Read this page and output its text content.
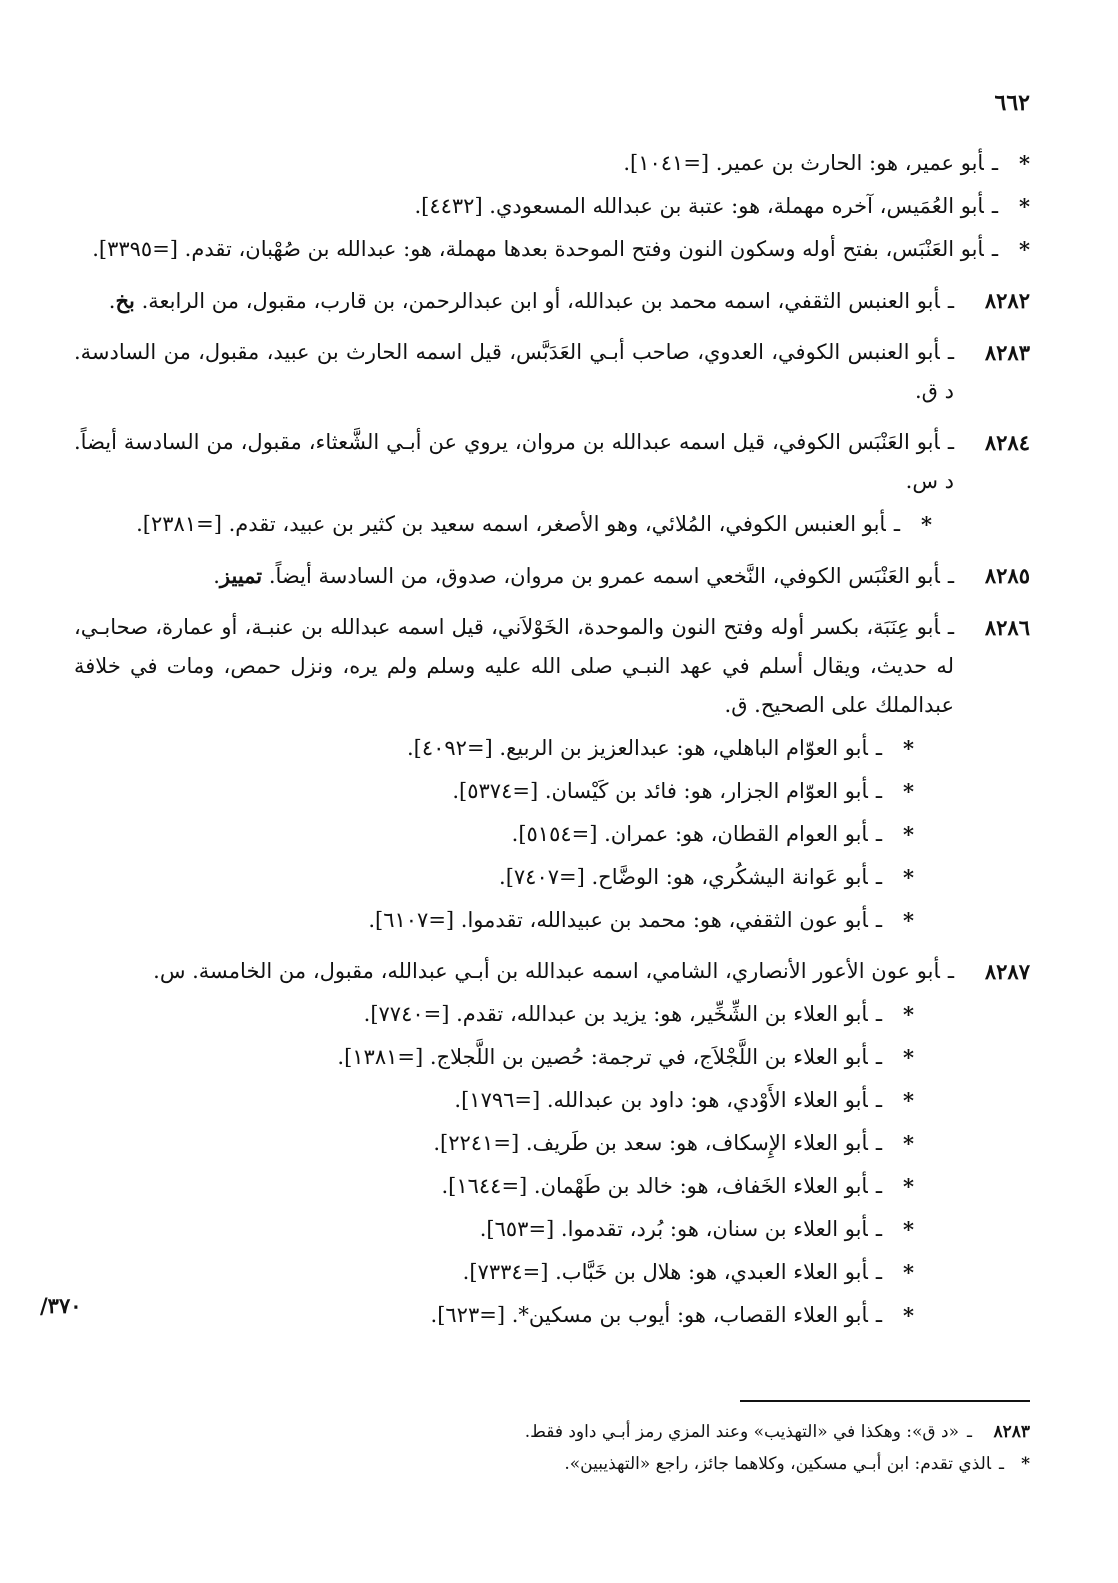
٦٦٢
/٣٧٠
*
ـأبو عمير، هو: الحارث بن عمير. [=١٠٤١].
*
ـأبو العُمَيس، آخره مهملة، هو: عتبة بن عبدالله المسعودي. [٤٤٣٢].
*
ـأبو العَنْبَس، بفتح أوله وسكون النون وفتح الموحدة بعدها مهملة، هو: عبدالله بن صُهْبان، تقدم. [=٣٣٩٥].
٨٢٨٢
ـأبو العنبس الثقفي، اسمه محمد بن عبدالله، أو ابن عبدالرحمن، بن قارب، مقبول، من الرابعة. بخ.
٨٢٨٣
ـأبو العنبس الكوفي، العدوي، صاحب أبـي العَدَبَّس، قيل اسمه الحارث بن عبيد، مقبول، من السادسة. د ق.
٨٢٨٤
ـأبو العَنْبَس الكوفي، قيل اسمه عبدالله بن مروان، يروي عن أبـي الشَّعثاء، مقبول، من السادسة أيضاً. د س.
*
ـأبو العنبس الكوفي، المُلائي، وهو الأصغر، اسمه سعيد بن كثير بن عبيد، تقدم. [=٢٣٨١].
٨٢٨٥
ـأبو العَنْبَس الكوفي، النَّخعي اسمه عمرو بن مروان، صدوق، من السادسة أيضاً. تمييز.
٨٢٨٦
ـأبو عِنَبَة، بكسر أوله وفتح النون والموحدة، الخَوْلاَني، قيل اسمه عبدالله بن عنبـة، أو عمارة، صحابـي، له حديث، ويقال أسلم في عهد النبـي صلى الله عليه وسلم ولم يره، ونزل حمص، ومات في خلافة عبدالملك على الصحيح. ق.
*
ـأبو العوّام الباهلي، هو: عبدالعزيز بن الربيع. [=٤٠٩٢].
*
ـأبو العوّام الجزار، هو: فائد بن كَيْسان. [=٥٣٧٤].
*
ـأبو العوام القطان، هو: عمران. [=٥١٥٤].
*
ـأبو عَوانة اليشكُري، هو: الوضَّاح. [=٧٤٠٧].
*
ـأبو عون الثقفي، هو: محمد بن عبيدالله، تقدموا. [=٦١٠٧].
٨٢٨٧
ـأبو عون الأعور الأنصاري، الشامي، اسمه عبدالله بن أبـي عبدالله، مقبول، من الخامسة. س.
*
ـأبو العلاء بن الشِّخِّير، هو: يزيد بن عبدالله، تقدم. [=٧٧٤٠].
*
ـأبو العلاء بن اللَّجْلاَج، في ترجمة: حُصين بن اللَّجلاج. [=١٣٨١].
*
ـأبو العلاء الأَوْدي، هو: داود بن عبدالله. [=١٧٩٦].
*
ـأبو العلاء الإِسكاف، هو: سعد بن طَريف. [=٢٢٤١].
*
ـأبو العلاء الخَفاف، هو: خالد بن طَهْمان. [=١٦٤٤].
*
ـأبو العلاء بن سنان، هو: بُرد، تقدموا. [=٦٥٣].
*
ـأبو العلاء العبدي، هو: هلال بن خَبَّاب. [=٧٣٣٤].
*
ـأبو العلاء القصاب، هو: أيوب بن مسكين*. [=٦٢٣].
٨٢٨٣
ـ«د ق»: وهكذا في «التهذيب» وعند المزي رمز أبـي داود فقط.
*
ـالذي تقدم: ابن أبـي مسكين، وكلاهما جائز، راجع «التهذيبين».
